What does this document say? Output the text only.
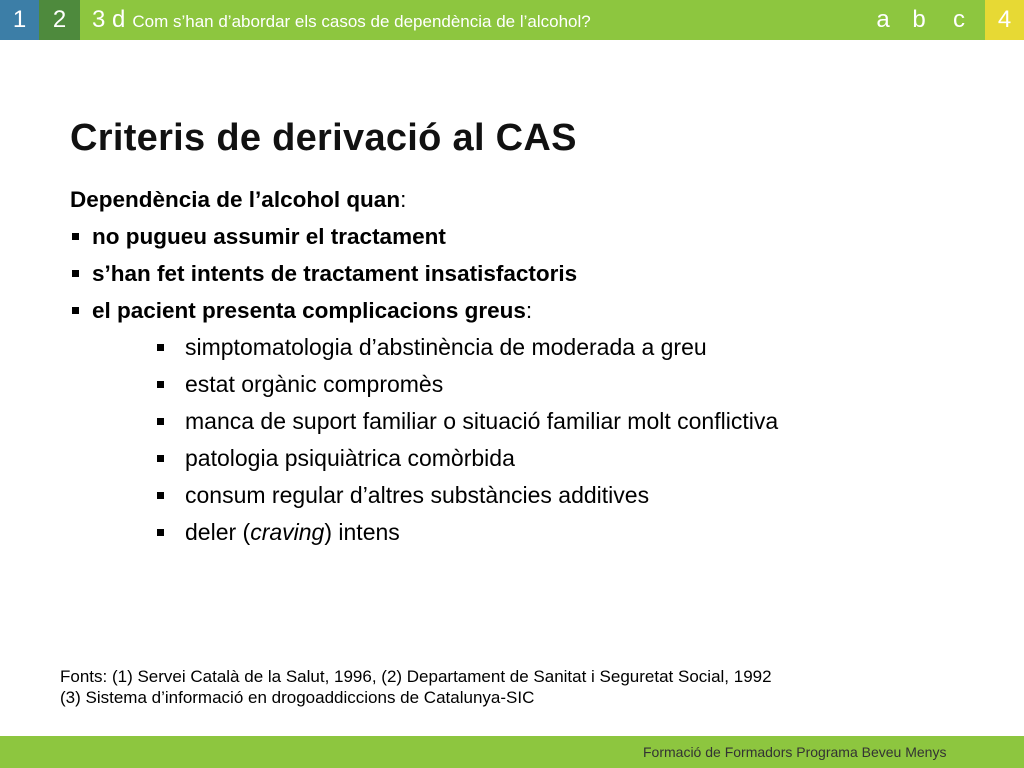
1	2	3 d Com s’han d’abordar els casos de dependència de l’alcohol?	a b	c	4
Criteris de derivació al CAS
Dependència de l’alcohol quan:
no pugueu assumir el tractament
s’han fet intents de tractament insatisfactoris
el pacient presenta complicacions greus:
simptomatologia d’abstinència de moderada a greu
estat orgànic compromès
manca de suport familiar o situació familiar molt conflictiva
patologia psiquiàtrica comòrbida
consum regular d’altres substàncies additives
deler (craving) intens
Fonts: (1) Servei Català de la Salut, 1996, (2) Departament de Sanitat i Seguretat Social, 1992
(3) Sistema d’informació en drogoaddiccions de Catalunya-SIC
Formació de Formadors Programa Beveu Menys
